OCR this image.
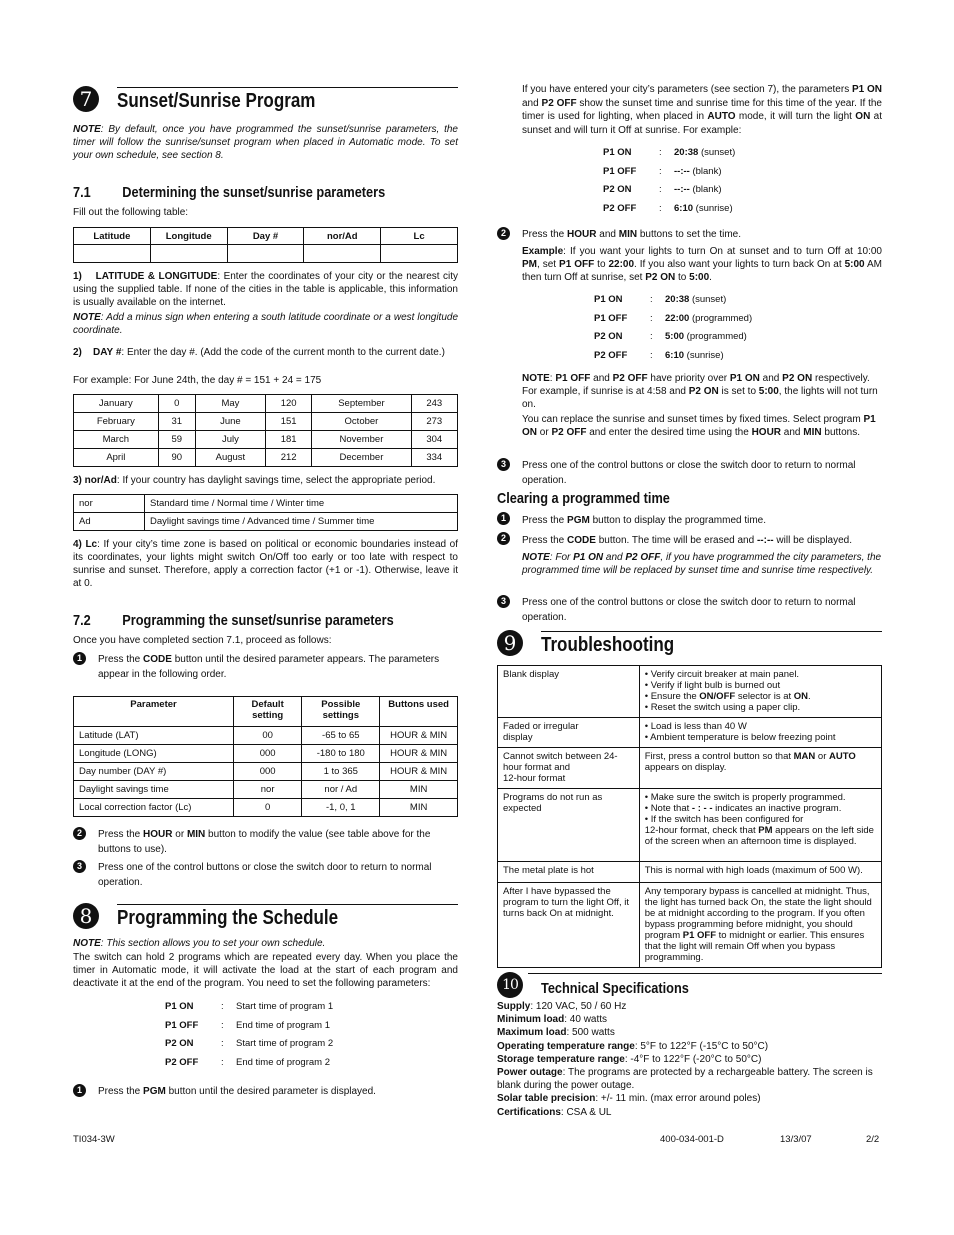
7	Sunset/Sunrise Program

NOTE: By default, once you have programmed the sunset/sunrise parameters, the timer will follow the sunrise/sunset program when placed in Automatic mode. To set your own schedule, see section 8.

7.1 Determining the sunset/sunrise parameters

Fill out the following table:

Latitude	Longitude	Day #	nor/Ad	Lc

1)    LATITUDE & LONGITUDE: Enter the coordinates of your city or the nearest city using the supplied table. If none of the cities in the table is applicable, this information is usually available on the internet.

NOTE: Add a minus sign when entering a south latitude coordinate or a west longitude coordinate.

2) DAY #: Enter the day #. (Add the code of the current month to the current date.)

For example: For June 24th, the day # = 151 + 24 = 175

January	0	May	120	September	243
February	31	June	151	October	273
March	59	July	181	November	304
April	90	August	212	December	334

3) nor/Ad: If your country has daylight savings time, select the appropriate period.

nor	Standard time / Normal time / Winter time
Ad	Daylight savings time / Advanced time / Summer time

4) Lc: If your city’s time zone is based on political or economic boundaries instead of its coordinates, your lights might switch On/Off too early or too late with respect to sunrise and sunset. Therefore, apply a correction factor (+1 or -1). Otherwise, leave it at 0.

7.2 Programming the sunset/sunrise parameters

Once you have completed section 7.1, proceed as follows:

1	Press the CODE button until the desired parameter appears. The parameters appear in the following order.

Parameter	Default setting	Possible settings	Buttons used
Latitude (LAT)	00	-65 to 65	HOUR & MIN
Longitude (LONG)	000	-180 to 180	HOUR & MIN
Day number (DAY #)	000	1 to 365	HOUR & MIN
Daylight savings time	nor	nor / Ad	MIN
Local correction factor (Lc)	0	-1, 0, 1	MIN
2	Press the HOUR or MIN button to modify the value (see table above for the buttons to use).

3	Press one of the control buttons or close the switch door to return to normal operation.

8	Programming the Schedule

NOTE: This section allows you to set your own schedule.

The switch can hold 2 programs which are repeated every day. When you place the timer in Automatic mode, it will activate the load at the start of each program and deactivate it at the end of the program. You need to set the following parameters:

P1 ON	: Start time of program 1
P1 OFF : End time of program 1
P2 ON	: Start time of program 2
P2 OFF : End time of program 2
1	Press the PGM button until the desired parameter is displayed.

If you have entered your city’s parameters (see section 7), the parameters P1 ON and P2 OFF show the sunset time and sunrise time for this time of the year. If the timer is used for lighting, when placed in AUTO mode, it will turn the light ON at sunset and will turn it Off at sunrise. For example:

P1 ON	: 20:38 (sunset)
P1 OFF : --:-- (blank)
P2 ON	: --:-- (blank)
P2 OFF : 6:10 (sunrise)
2	Press the HOUR and MIN buttons to set the time.

Example: If you want your lights to turn On at sunset and to turn Off at 10:00 PM, set P1 OFF to 22:00. If you also want your lights to turn back On at 5:00 AM then turn Off at sunrise, set P2 ON to 5:00.

P1 ON	: 20:38 (sunset)
P1 OFF : 22:00 (programmed)
P2 ON	: 5:00 (programmed)
P2 OFF : 6:10 (sunrise)

NOTE: P1 OFF and P2 OFF have priority over P1 ON and P2 ON respectively. For example, if sunrise is at 4:58 and P2 ON is set to 5:00, the lights will not turn on.

You can replace the sunrise and sunset times by fixed times. Select program P1 ON or P2 OFF and enter the desired time using the HOUR and MIN buttons.

3	Press one of the control buttons or close the switch door to return to normal operation.

Clearing a programmed time
1	Press the PGM button to display the programmed time.

2	Press the CODE button. The time will be erased and --:-- will be displayed.

NOTE: For P1 ON and P2 OFF, if you have programmed the city parameters, the programmed time will be replaced by sunset time and sunrise time respectively.

3	Press one of the control buttons or close the switch door to return to normal operation.

9	Troubleshooting
Blank display	• Verify circuit breaker at main panel.
• Verify if light bulb is burned out
• Ensure the ON/OFF selector is at ON.
• Reset the switch using a paper clip.
Faded or irregular
display	• Load is less than 40 W
• Ambient temperature is below freezing point
Cannot switch between 24-hour format and
12-hour format	First, press a control button so that MAN or AUTO appears on display.
Programs do not run as expected	• Make sure the switch is properly programmed.
• Note that - : - - indicates an inactive program.
• If the switch has been configured for
12-hour format, check that PM appears on the left side of the screen when an afternoon time is displayed.
The metal plate is hot	This is normal with high loads (maximum of 500 W).
After I have bypassed the program to turn the light Off, it turns back On at midnight.	Any temporary bypass is cancelled at midnight. Thus, the light has turned back On, the state the light should be at midnight according to the program. If you often bypass programming before midnight, you should program P1 OFF to midnight or earlier. This ensures that the light will remain Off when you bypass programming.
10	Technical Specifications
Supply: 120 VAC, 50 / 60 Hz
Minimum load: 40 watts
Maximum load: 500 watts
Operating temperature range: 5°F to 122°F (-15°C to 50°C)
Storage temperature range: -4°F to 122°F (-20°C to 50°C)
Power outage: The programs are protected by a rechargeable battery. The screen is blank during the power outage.
Solar table precision: +/- 11 min. (max error around poles)
Certifications: CSA & UL
TI034-3W	400-034-001-D	13/3/07	2/2
